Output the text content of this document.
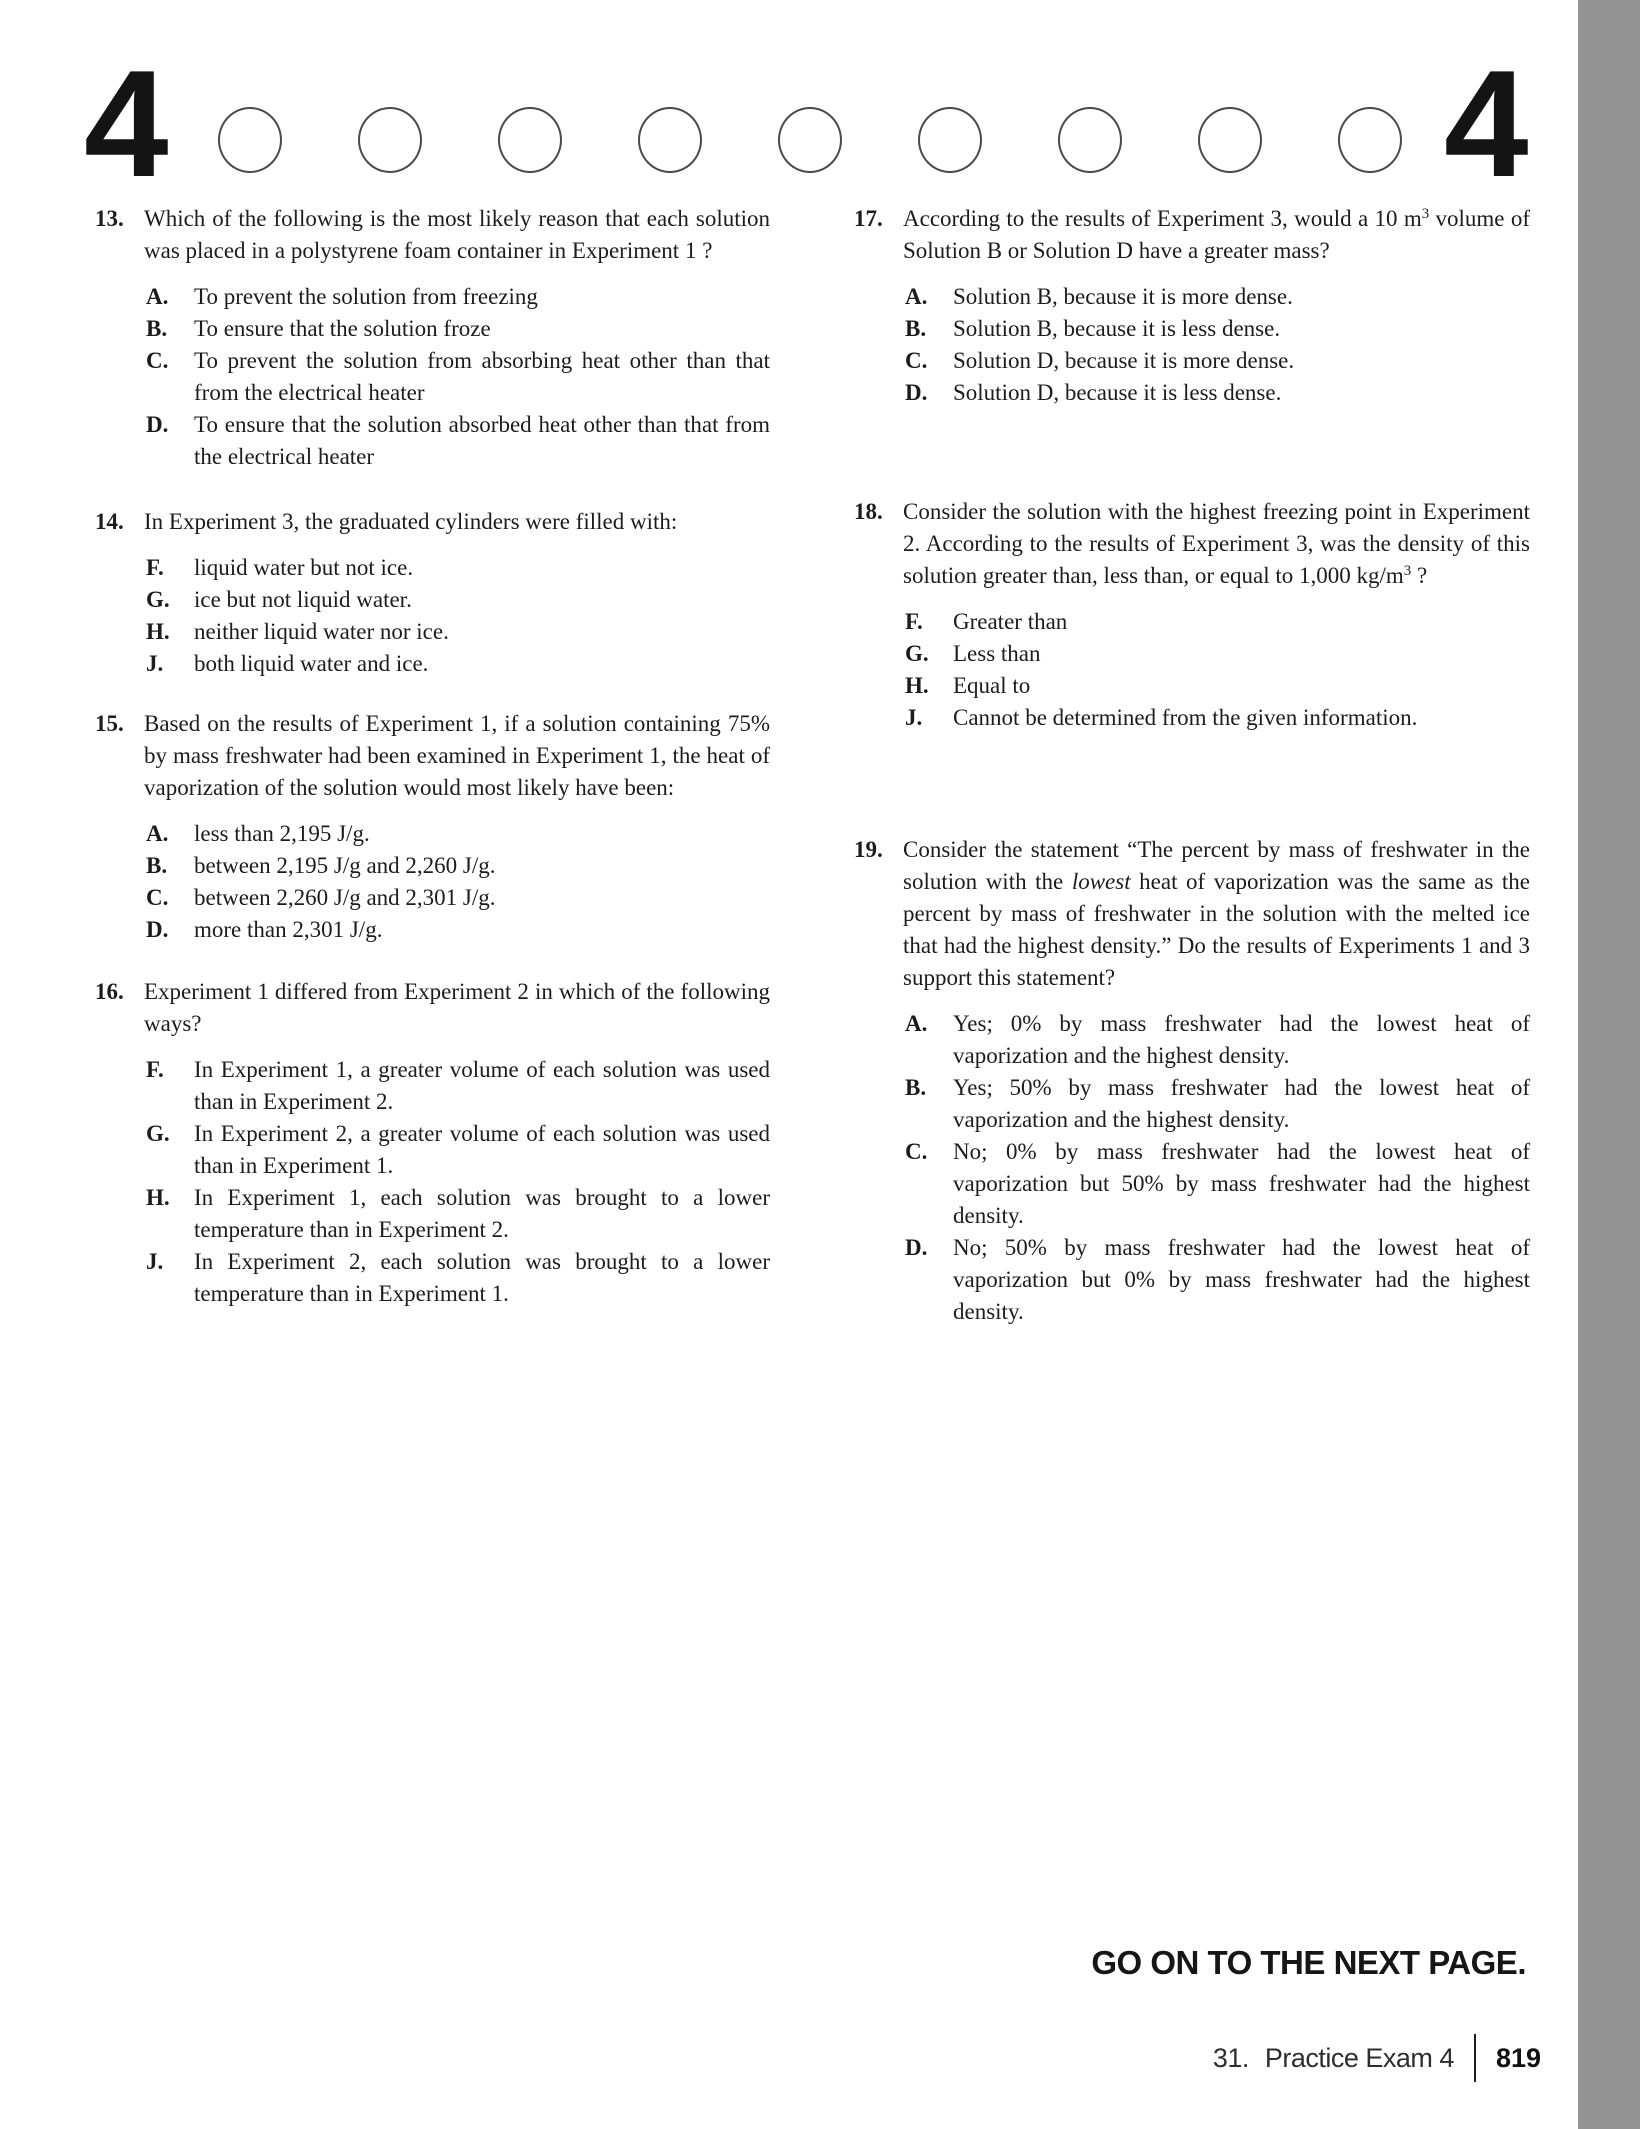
4	4
13. Which of the following is the most likely reason that each solution was placed in a polystyrene foam container in Experiment 1 ?

A.	To prevent the solution from freezing
B.	To ensure that the solution froze
C.	To prevent the solution from absorbing heat other than that from the electrical heater
D.	To ensure that the solution absorbed heat other than that from the electrical heater
14. In Experiment 3, the graduated cylinders were filled with:

F.	liquid water but not ice.
G.	ice but not liquid water.
H.	neither liquid water nor ice.
J.	both liquid water and ice.
15. Based on the results of Experiment 1, if a solution containing 75% by mass freshwater had been examined in Experiment 1, the heat of vaporization of the solution would most likely have been:

A.	less than 2,195 J/g.
B.	between 2,195 J/g and 2,260 J/g.
C.	between 2,260 J/g and 2,301 J/g.
D.	more than 2,301 J/g.
16. Experiment 1 differed from Experiment 2 in which of the following ways?

F.	In Experiment 1, a greater volume of each solution was used than in Experiment 2.
G.	In Experiment 2, a greater volume of each solution was used than in Experiment 1.
H.	In Experiment 1, each solution was brought to a lower temperature than in Experiment 2.
J.	In Experiment 2, each solution was brought to a lower temperature than in Experiment 1.
17. According to the results of Experiment 3, would a 10 $m^3$ volume of Solution B or Solution D have a greater mass?

A.	Solution B, because it is more dense.
B.	Solution B, because it is less dense.
C.	Solution D, because it is more dense.
D.	Solution D, because it is less dense.
18. Consider the solution with the highest freezing point in Experiment 2. According to the results of Experiment 3, was the density of this solution greater than, less than, or equal to 1,000 $kg/m^3$ ?

F.	Greater than
G.	Less than
H.	Equal to
J.	Cannot be determined from the given information.
19. Consider the statement “The percent by mass of freshwater in the solution with the lowest heat of vaporization was the same as the percent by mass of freshwater in the solution with the melted ice that had the highest density.” Do the results of Experiments 1 and 3 support this statement?

A.	Yes; 0% by mass freshwater had the lowest heat of vaporization and the highest density.
B.	Yes; 50% by mass freshwater had the lowest heat of vaporization and the highest density.
C.	No; 0% by mass freshwater had the lowest heat of vaporization but 50% by mass freshwater had the highest density.
D.	No; 50% by mass freshwater had the lowest heat of vaporization but 0% by mass freshwater had the highest density.
GO ON TO THE NEXT PAGE.
31. Practice Exam 4 819
